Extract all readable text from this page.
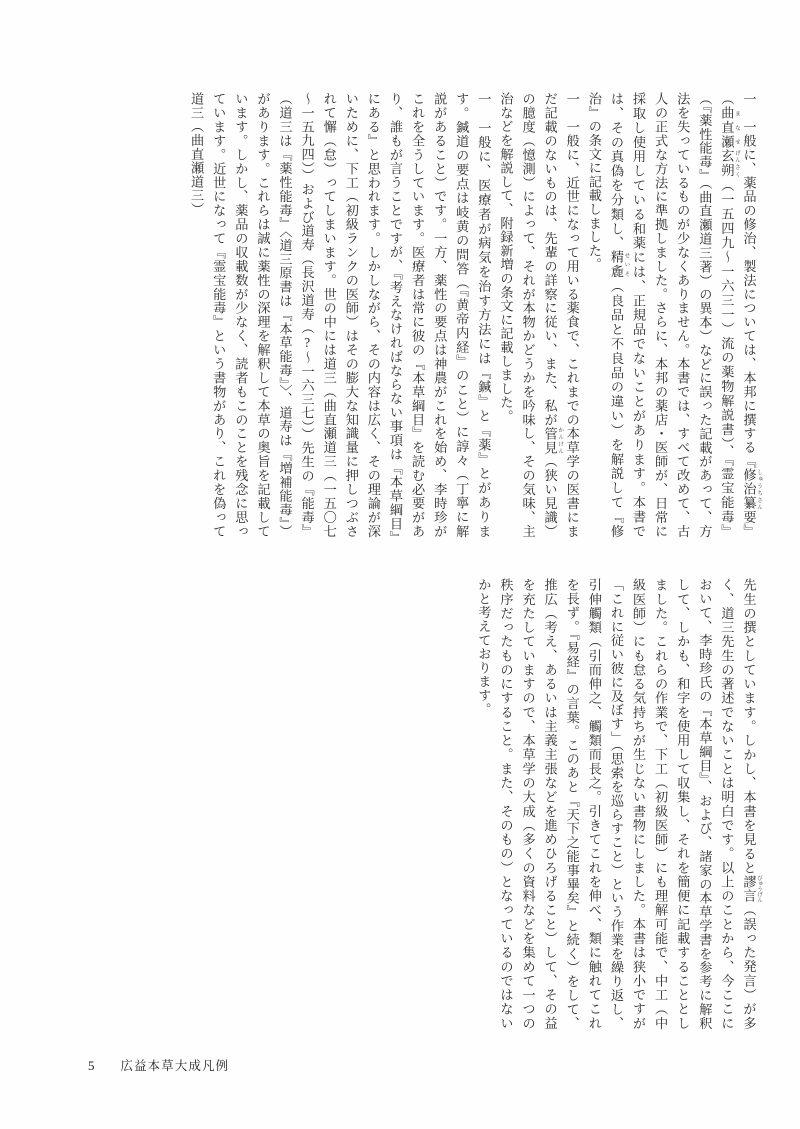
一　一般に、薬品の修治、製法については、本邦に撰する『修治纂 しゅうちさん要』（曲直瀬 まなせ玄朔 げんさく（一五四九～一六三一）流の薬物解説書）、『霊宝能毒』（『薬性能毒』（曲直瀬道三著）の異本）などに誤った記載があって、方法を失っているものが少なくありません。本書では、すべて改めて、古人の正式な方法に準拠しました。さらに、本邦の薬店・医師が、日常に採取し使用している和薬には、正規品でないことがあります。本書では、その真偽を分類し、精麁 せいそ（良品と不良品の違い）を解説して『修治』の条文に記載しました。
一　一般に、近世になって用いる薬食で、これまでの本草学の医書にまだ記載のないものは、先輩の詳察に従い、また、私が管見 かんけん（狭い見識）の臆度（憶測）によって、それが本物かどうかを吟味し、その気味、主治などを解説して、附録新増の条文に記載しました。
一　一般に、医療者が病気を治す方法には『鍼』と『薬』とがあります。鍼道の要点は岐黄の問答（『黄帝内経』のこと）に諄々（丁寧に解説があること）です。一方、薬性の要点は神農がこれを始め、李時珍がこれを全うしています。医療者は常に彼の『本草綱目』を読む必要があり、誰もが言うことですが、『考えなければならない事項は『本草綱目』にある』と思われます。しかしながら、その内容は広く、その理論が深いために、下工（初級ランクの医師）はその膨大な知識量に押しつぶされて懈（怠）ってしまいます。世の中には道三（曲直瀬道三（一五〇七～一五九四））および道寿（長沢道寿（?～一六三七））先生の『能毒』（道三は『薬性能毒』〈道三原書は『本草能毒』〉、道寿は『増補能毒』）があります。これらは誠に薬性の深理を解釈して本草の奥旨を記載しています。しかし、薬品の収載数が少なく、読者もこのことを残念に思っています。近世になって『霊宝能毒』という書物があり、これを偽って道三（曲直瀬道三）

先生の撰としています。しかし、本書を見ると謬言 びゅうげん（誤った発言）が多く、道三先生の著述でないことは明白です。以上のことから、今ここにおいて、李時珍氏の『本草綱目』、および、諸家の本草学書を参考に解釈して、しかも、和字を使用して収集し、それを簡便に記載することとしました。これらの作業で、下工（初級医師）にも理解可能で、中工（中級医師）にも怠る気持ちが生じない書物にしました。本書は狭小ですが「これに従い彼に及ぼす」（思索を巡らすこと）という作業を繰り返し、引伸觸類（引而伸之、觸類而長之。引きてこれを伸べ、類に触れてこれを長ず。『易経』の言葉。このあと『天下之能事畢矣』と続く）をして、推広（考え、あるいは主義主張などを進めひろげること）して、その益を充たしていますので、本草学の大成（多くの資料などを集めて一つの秩序だったものにすること。また、そのもの）となっているのではないかと考えております。

5 広益本草大成凡例
